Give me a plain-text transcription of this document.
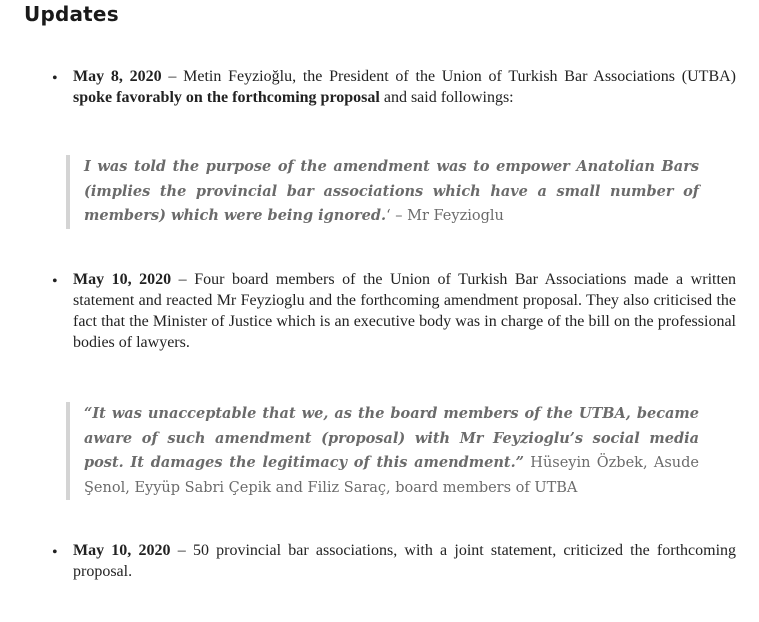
Updates
• May 8, 2020 – Metin Feyzioğlu, the President of the Union of Turkish Bar Associations (UTBA) spoke favorably on the forthcoming proposal and said followings:
I was told the purpose of the amendment was to empower Anatolian Bars (implies the provincial bar associations which have a small number of members) which were being ignored.‘ – Mr Feyzioglu
• May 10, 2020 – Four board members of the Union of Turkish Bar Associations made a written statement and reacted Mr Feyzioglu and the forthcoming amendment proposal. They also criticised the fact that the Minister of Justice which is an executive body was in charge of the bill on the professional bodies of lawyers.
“It was unacceptable that we, as the board members of the UTBA, became aware of such amendment (proposal) with Mr Feyzioglu’s social media post. It damages the legitimacy of this amendment.” Hüseyin Özbek, Asude Şenol, Eyyüp Sabri Çepik and Filiz Saraç, board members of UTBA
• May 10, 2020 – 50 provincial bar associations, with a joint statement, criticized the forthcoming proposal.
